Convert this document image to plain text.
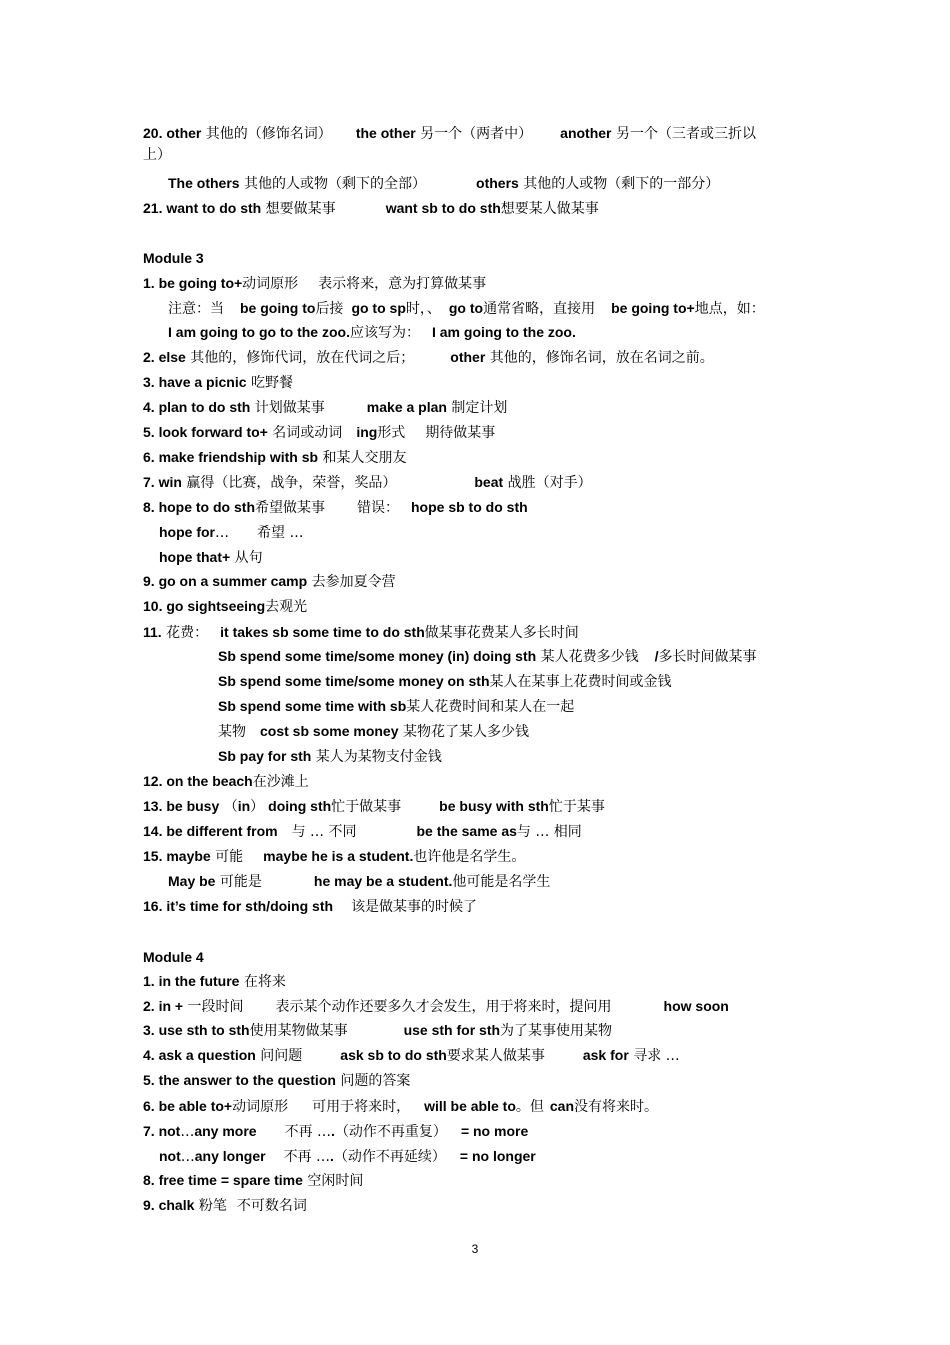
20. other 其他的（修饰名词） the other 另一个（两者中） another 另一个（三者或三折以
上）
The others 其他的人或物（剩下的全部）	others 其他的人或物（剩下的一部分）
21. want to do sth 想要做某事	want sb to do sth想要某人做某事
Module 3
1. be going to+动词原形 表示将来，意为打算做某事
注意：当 be going to后接 go to sp时，、 go to通常省略，直接用 be going to+地点，如：
I am going to go to the zoo.应该写为： I am going to the zoo.
2. else 其他的，修饰代词，放在代词之后；	other 其他的，修饰名词，放在名词之前。
3. have a picnic 吃野餐
4. plan to do sth 计划做某事	make a plan 制定计划
5. look forward to+ 名词或动词 ing形式 期待做某事
6. make friendship with sb 和某人交朋友
7. win 赢得（比赛，战争，荣誉，奖品）	beat 战胜（对手）
8. hope to do sth希望做某事 错误： hope sb to do sth
hope for… 希望 …
hope that+ 从句
9. go on a summer camp 去参加夏令营
10. go sightseeing去观光
11. 花费： it takes sb some time to do sth做某事花费某人多长时间
Sb spend some time/some money (in) doing sth 某人花费多少钱 /多长时间做某事
Sb spend some time/some money on sth某人在某事上花费时间或金钱
Sb spend some time with sb某人花费时间和某人在一起
某物 cost sb some money 某物花了某人多少钱
Sb pay for sth 某人为某物支付金钱
12. on the beach在沙滩上
13. be busy （in） doing sth忙于做某事	be busy with sth忙于某事
14. be different from 与 … 不同	be the same as与 … 相同
15. maybe 可能 maybe he is a student.也许他是名学生。
May be 可能是	he may be a student.他可能是名学生
16. it’s time for sth/doing sth 该是做某事的时候了
Module 4
1. in the future 在将来
2. in + 一段时间 表示某个动作还要多久才会发生，用于将来时，提问用	how soon
3. use sth to sth使用某物做某事	use sth for sth为了某事使用某物
4. ask a question 问问题	ask sb to do sth要求某人做某事	ask for 寻求 …
5. the answer to the question 问题的答案
6. be able to+动词原形 可用于将来时， will be able to。但 can没有将来时。
7. not…any more 不再 ….（动作不再重复） = no more
not…any longer 不再 ….（动作不再延续） = no longer
8. free time = spare time 空闲时间
9. chalk 粉笔 不可数名词
3
